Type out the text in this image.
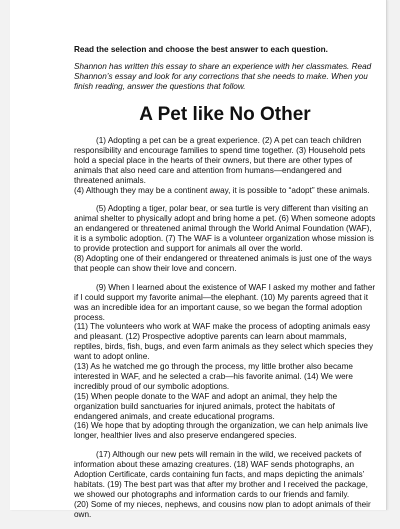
Read the selection and choose the best answer to each question.

Shannon has written this essay to share an experience with her classmates. Read Shannon’s essay and look for any corrections that she needs to make. When you finish reading, answer the questions that follow.

A Pet like No Other

(1) Adopting a pet can be a great experience. (2) A pet can teach children responsibility and encourage families to spend time together. (3) Household pets hold a special place in the hearts of their owners, but there are other types of animals that also need care and attention from humans—endangered and threatened animals.
(4) Although they may be a continent away, it is possible to “adopt” these animals.

(5) Adopting a tiger, polar bear, or sea turtle is very different than visiting an animal shelter to physically adopt and bring home a pet. (6) When someone adopts an endangered or threatened animal through the World Animal Foundation (WAF), it is a symbolic adoption. (7) The WAF is a volunteer organization whose mission is to provide protection and support for animals all over the world.
(8) Adopting one of their endangered or threatened animals is just one of the ways that people can show their love and concern.

(9) When I learned about the existence of WAF I asked my mother and father if I could support my favorite animal—the elephant. (10) My parents agreed that it was an incredible idea for an important cause, so we began the formal adoption process.
(11) The volunteers who work at WAF make the process of adopting animals easy and pleasant. (12) Prospective adoptive parents can learn about mammals, reptiles, birds, fish, bugs, and even farm animals as they select which species they want to adopt online.
(13) As he watched me go through the process, my little brother also became interested in WAF, and he selected a crab—his favorite animal. (14) We were incredibly proud of our symbolic adoptions.
(15) When people donate to the WAF and adopt an animal, they help the organization build sanctuaries for injured animals, protect the habitats of endangered animals, and create educational programs.
(16) We hope that by adopting through the organization, we can help animals live longer, healthier lives and also preserve endangered species.

(17) Although our new pets will remain in the wild, we received packets of information about these amazing creatures. (18) WAF sends photographs, an Adoption Certificate, cards containing fun facts, and maps depicting the animals’ habitats. (19) The best part was that after my brother and I received the package, we showed our photographs and information cards to our friends and family.
(20) Some of my nieces, nephews, and cousins now plan to adopt animals of their own.
